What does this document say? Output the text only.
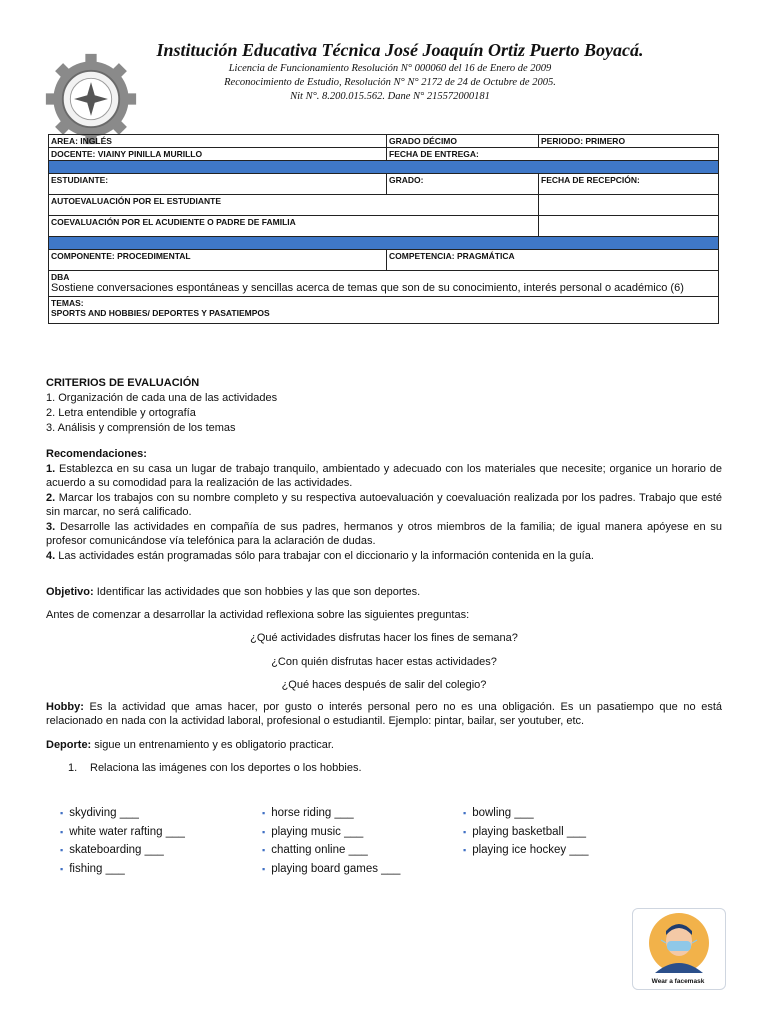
Institución Educativa Técnica José Joaquín Ortiz Puerto Boyacá.
Licencia de Funcionamiento Resolución N° 000060 del 16 de Enero de 2009
Reconocimiento de Estudio, Resolución N° N° 2172 de 24 de Octubre de 2005.
Nit N°. 8.200.015.562. Dane N° 215572000181
AREA: INGLÉS	GRADO DÉCIMO	PERIODO: PRIMERO
DOCENTE: VIAINY PINILLA MURILLO	FECHA DE ENTREGA:	

ESTUDIANTE:	GRADO:	FECHA DE RECEPCIÓN:
AUTOEVALUACIÓN POR EL ESTUDIANTE		
COEVALUACIÓN POR EL ACUDIENTE O PADRE DE FAMILIA		

COMPONENTE: PROCEDIMENTAL	COMPETENCIA: PRAGMÁTICA	

DBA
Sostiene conversaciones espontáneas y sencillas acerca de temas que son de su conocimiento, interés personal o académico (6)		

TEMAS:
SPORTS AND HOBBIES/ DEPORTES Y PASATIEMPOS		
CRITERIOS DE EVALUACIÓN
1. Organización de cada una de las actividades
2. Letra entendible y ortografía
3. Análisis y comprensión de los temas
Recomendaciones:
1. Establezca en su casa un lugar de trabajo tranquilo, ambientado y adecuado con los materiales que necesite; organice un horario de acuerdo a su comodidad para la realización de las actividades.
2. Marcar los trabajos con su nombre completo y su respectiva autoevaluación y coevaluación realizada por los padres. Trabajo que esté sin marcar, no será calificado.
3. Desarrolle las actividades en compañía de sus padres, hermanos y otros miembros de la familia; de igual manera apóyese en su profesor comunicándose vía telefónica para la aclaración de dudas.
4. Las actividades están programadas sólo para trabajar con el diccionario y la información contenida en la guía.
Objetivo: Identificar las actividades que son hobbies y las que son deportes.
Antes de comenzar a desarrollar la actividad reflexiona sobre las siguientes preguntas:
¿Qué actividades disfrutas hacer los fines de semana?
¿Con quién disfrutas hacer estas actividades?
¿Qué haces después de salir del colegio?
Hobby: Es la actividad que amas hacer, por gusto o interés personal pero no es una obligación. Es un pasatiempo que no está relacionado en nada con la actividad laboral, profesional o estudiantil. Ejemplo: pintar, bailar, ser youtuber, etc.
Deporte: sigue un entrenamiento y es obligatorio practicar.
1. Relaciona las imágenes con los deportes o los hobbies.
▪ skydiving ___
▪ white water rafting ___
▪ skateboarding ___
▪ fishing ___
▪ horse riding ___
▪ playing music ___
▪ chatting online ___
▪ playing board games ___
▪ bowling ___
▪ playing basketball ___
▪ playing ice hockey ___
Wear a facemask
